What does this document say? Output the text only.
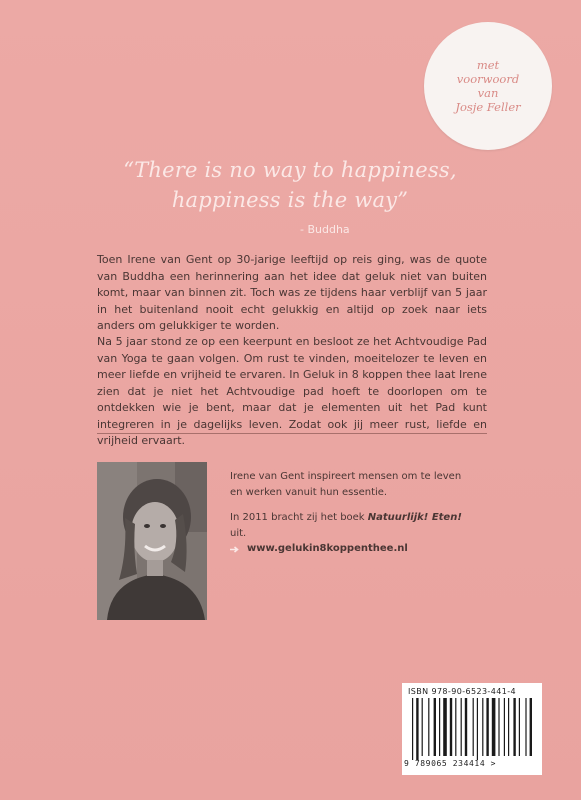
met
voorwoord
van
Josje Feller
“There is no way to happiness,
happiness is the way”
- Buddha
Toen Irene van Gent op 30-jarige leeftijd op reis ging, was de quote van Buddha een herinnering aan het idee dat geluk niet van buiten komt, maar van binnen zit. Toch was ze tijdens haar verblijf van 5 jaar in het buitenland nooit echt gelukkig en altijd op zoek naar iets anders om gelukkiger te worden.
Na 5 jaar stond ze op een keerpunt en besloot ze het Achtvoudige Pad van Yoga te gaan volgen. Om rust te vinden, moeitelozer te leven en meer liefde en vrijheid te ervaren. In Geluk in 8 koppen thee laat Irene zien dat je niet het Achtvoudige pad hoeft te doorlopen om te ontdekken wie je bent, maar dat je elementen uit het Pad kunt integreren in je dagelijks leven. Zodat ook jij meer rust, liefde en vrijheid ervaart.
Irene van Gent inspireert mensen om te leven en werken vanuit hun essentie.
In 2011 bracht zij het boek Natuurlijk! Eten! uit.
www.gelukin8koppenthee.nl
ISBN 978-90-6523-441-4
9 789065 234414 >
